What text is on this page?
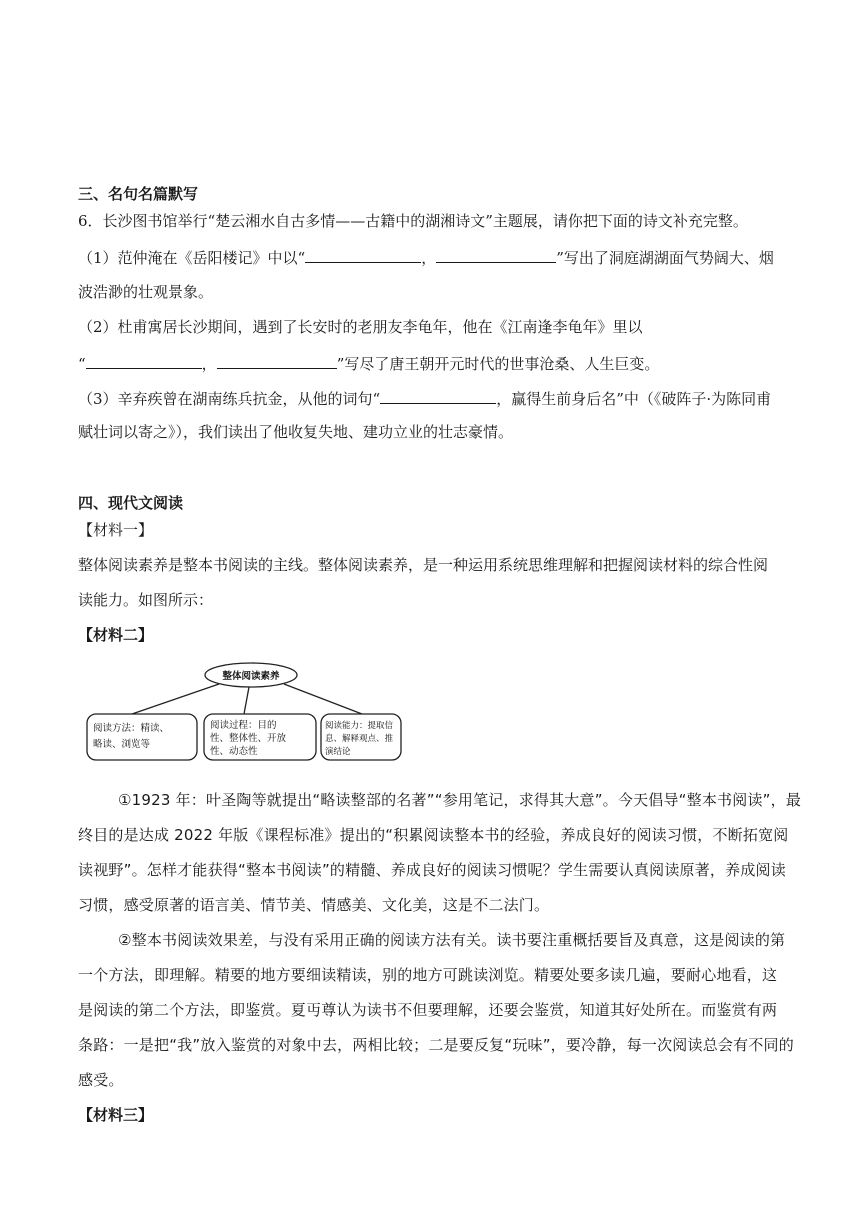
三、名句名篇默写
6．长沙图书馆举行“楚云湘水自古多情——古籍中的湖湘诗文”主题展，请你把下面的诗文补充完整。
（1）范仲淹在《岳阳楼记》中以“	，	”写出了洞庭湖湖面气势阔大、烟
波浩渺的壮观景象。
（2）杜甫寓居长沙期间，遇到了长安时的老朋友李龟年，他在《江南逢李龟年》里以
“	，	”写尽了唐王朝开元时代的世事沧桑、人生巨变。
（3）辛弃疾曾在湖南练兵抗金，从他的词句“	，赢得生前身后名”中（《破阵子·为陈同甫
赋壮词以寄之》），我们读出了他收复失地、建功立业的壮志豪情。
四、现代文阅读
【材料一】
整体阅读素养是整本书阅读的主线。整体阅读素养，是一种运用系统思维理解和把握阅读材料的综合性阅
读能力。如图所示：
【材料二】
整体阅读素养
阅读方法：精读、
略读、浏览等
阅读过程：目的
性、整体性、开放
性、动态性
阅读能力：提取信
息、解释观点、推
演结论
①1923 年：叶圣陶等就提出“略读整部的名著”“参用笔记，求得其大意”。今天倡导“整本书阅读”，最
终目的是达成 2022 年版《课程标准》提出的“积累阅读整本书的经验，养成良好的阅读习惯，不断拓宽阅
读视野”。怎样才能获得“整本书阅读”的精髓、养成良好的阅读习惯呢？学生需要认真阅读原著，养成阅读
习惯，感受原著的语言美、情节美、情感美、文化美，这是不二法门。
②整本书阅读效果差，与没有采用正确的阅读方法有关。读书要注重概括要旨及真意，这是阅读的第
一个方法，即理解。精要的地方要细读精读，别的地方可跳读浏览。精要处要多读几遍，要耐心地看，这
是阅读的第二个方法，即鉴赏。夏丏尊认为读书不但要理解，还要会鉴赏，知道其好处所在。而鉴赏有两
条路：一是把“我”放入鉴赏的对象中去，两相比较；二是要反复“玩味”，要冷静，每一次阅读总会有不同的
感受。
【材料三】
